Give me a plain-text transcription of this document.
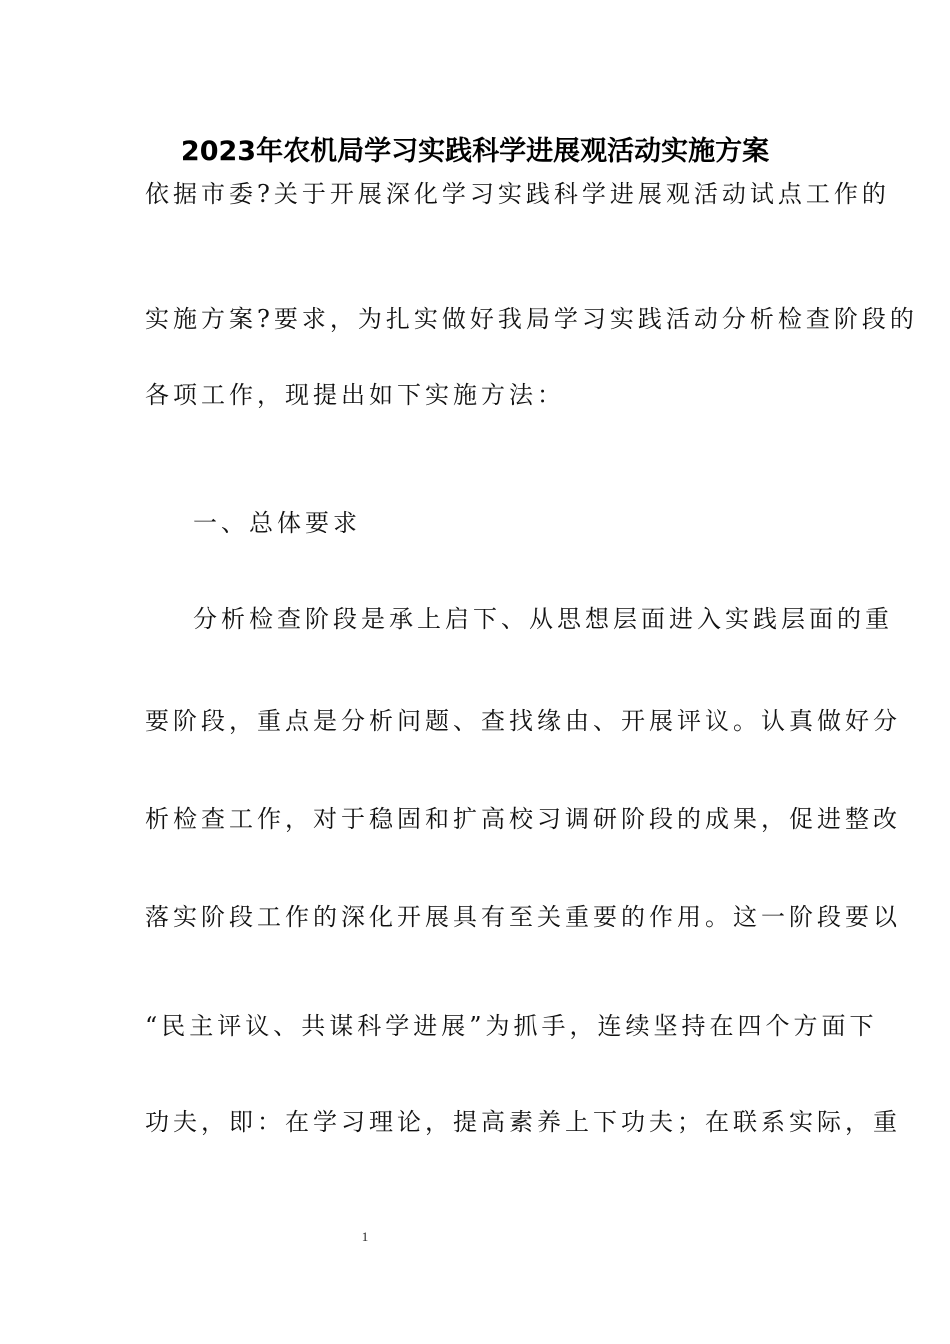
2023年农机局学习实践科学进展观活动实施方案
依据市委?关于开展深化学习实践科学进展观活动试点工作的
实施方案?要求，为扎实做好我局学习实践活动分析检查阶段的
各项工作，现提出如下实施方法：
一、总体要求
分析检查阶段是承上启下、从思想层面进入实践层面的重
要阶段，重点是分析问题、查找缘由、开展评议。认真做好分
析检查工作，对于稳固和扩高校习调研阶段的成果，促进整改
落实阶段工作的深化开展具有至关重要的作用。这一阶段要以
“民主评议、共谋科学进展”为抓手，连续坚持在四个方面下
功夫，即：在学习理论，提高素养上下功夫；在联系实际，重
1
